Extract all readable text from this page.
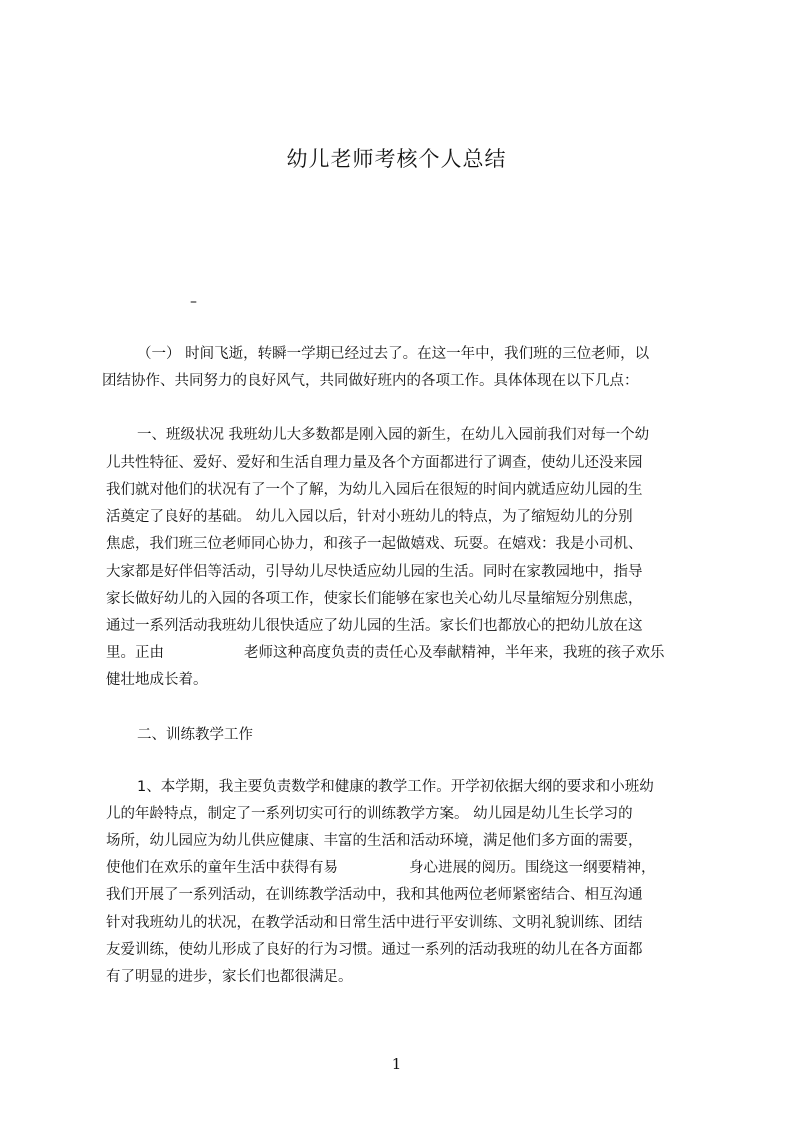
幼儿老师考核个人总结
–
（一） 时间飞逝，转瞬一学期已经过去了。在这一年中，我们班的三位老师，以
团结协作、共同努力的良好风气，共同做好班内的各项工作。具体体现在以下几点：
一、班级状况 我班幼儿大多数都是刚入园的新生，在幼儿入园前我们对每一个幼
儿共性特征、爱好、爱好和生活自理力量及各个方面都进行了调查，使幼儿还没来园
我们就对他们的状况有了一个了解，为幼儿入园后在很短的时间内就适应幼儿园的生
活奠定了良好的基础。 幼儿入园以后，针对小班幼儿的特点，为了缩短幼儿的分别
焦虑，我们班三位老师同心协力，和孩子一起做嬉戏、玩耍。在嬉戏：我是小司机、
大家都是好伴侣等活动，引导幼儿尽快适应幼儿园的生活。同时在家教园地中，指导
家长做好幼儿的入园的各项工作，使家长们能够在家也关心幼儿尽量缩短分别焦虑，
通过一系列活动我班幼儿很快适应了幼儿园的生活。家长们也都放心的把幼儿放在这
里。正由	老师这种高度负责的责任心及奉献精神，半年来，我班的孩子欢乐
健壮地成长着。
二、训练教学工作
1、本学期，我主要负责数学和健康的教学工作。开学初依据大纲的要求和小班幼
儿的年龄特点，制定了一系列切实可行的训练教学方案。 幼儿园是幼儿生长学习的
场所，幼儿园应为幼儿供应健康、丰富的生活和活动环境，满足他们多方面的需要，
使他们在欢乐的童年生活中获得有易	身心进展的阅历。围绕这一纲要精神，
我们开展了一系列活动，在训练教学活动中，我和其他两位老师紧密结合、相互沟通
针对我班幼儿的状况，在教学活动和日常生活中进行平安训练、文明礼貌训练、团结
友爱训练，使幼儿形成了良好的行为习惯。通过一系列的活动我班的幼儿在各方面都
有了明显的进步，家长们也都很满足。
1
